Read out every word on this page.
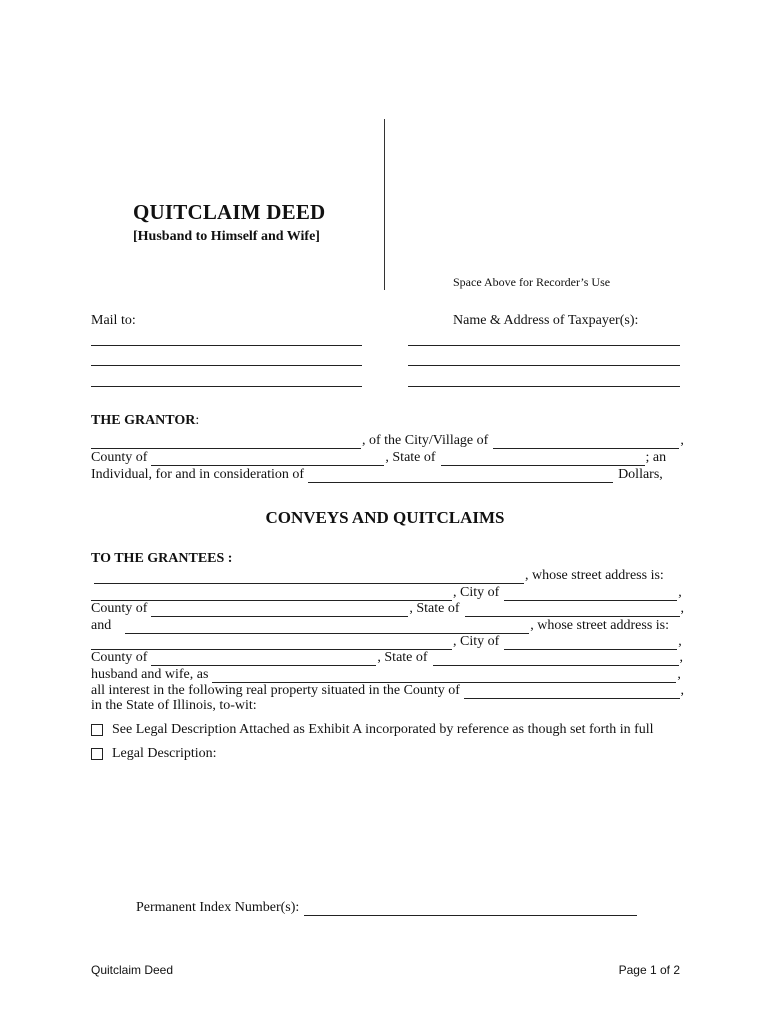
QUITCLAIM DEED
[Husband to Himself and Wife]
Space Above for Recorder’s Use
Mail to:	Name & Address of Taxpayer(s):
THE GRANTOR:
, of the City/Village of	,
County of	, State of	; an
Individual, for and in consideration of	Dollars,
CONVEYS AND QUITCLAIMS
TO THE GRANTEES :
, whose street address is:
, City of	,
County of	, State of	,
and	, whose street address is:
, City of	,
County of	, State of	,
husband and wife, as	,
all interest in the following real property situated in the County of	,
in the State of Illinois, to-wit:
See Legal Description Attached as Exhibit A incorporated by reference as though set forth in full
Legal Description:
Permanent Index Number(s):
Quitclaim Deed	Page 1 of 2
